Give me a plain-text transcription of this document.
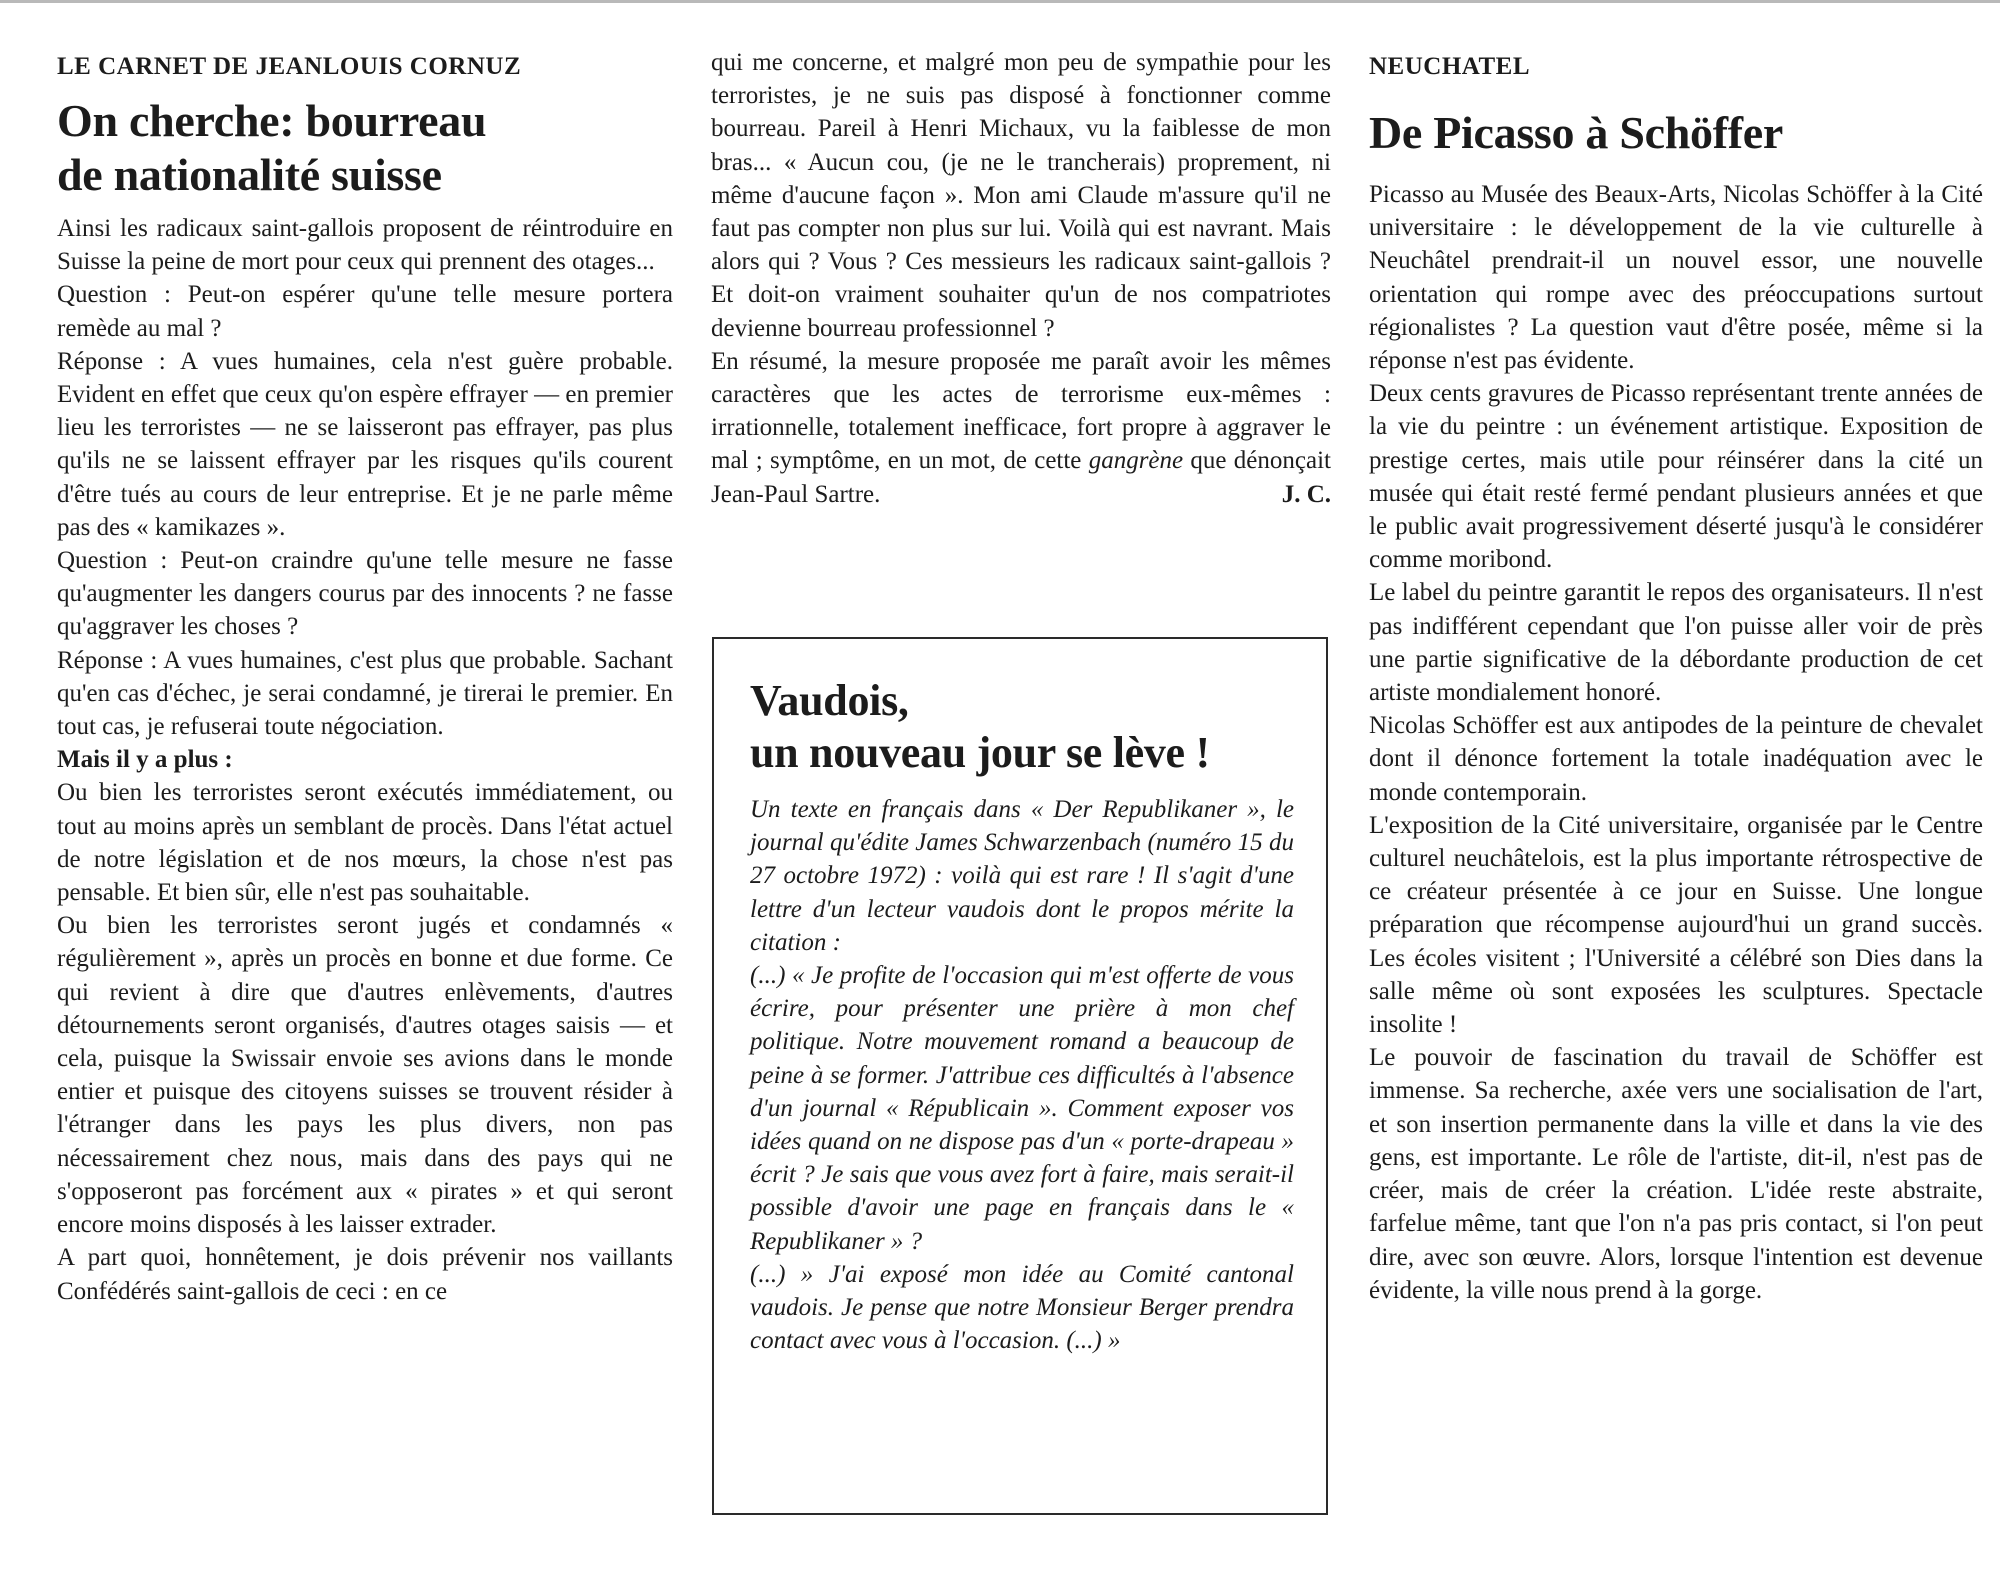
LE CARNET DE JEANLOUIS CORNUZ
On cherche: bourreau
de nationalité suisse

Ainsi les radicaux saint-gallois proposent de réintroduire en Suisse la peine de mort pour ceux qui prennent des otages...

Question : Peut-on espérer qu'une telle mesure portera remède au mal ?

Réponse : A vues humaines, cela n'est guère probable. Evident en effet que ceux qu'on espère effrayer — en premier lieu les terroristes — ne se laisseront pas effrayer, pas plus qu'ils ne se laissent effrayer par les risques qu'ils courent d'être tués au cours de leur entreprise. Et je ne parle même pas des « kamikazes ».

Question : Peut-on craindre qu'une telle mesure ne fasse qu'augmenter les dangers courus par des innocents ? ne fasse qu'aggraver les choses ?

Réponse : A vues humaines, c'est plus que probable. Sachant qu'en cas d'échec, je serai condamné, je tirerai le premier. En tout cas, je refuserai toute négociation.

Mais il y a plus :

Ou bien les terroristes seront exécutés immédiatement, ou tout au moins après un semblant de procès. Dans l'état actuel de notre législation et de nos mœurs, la chose n'est pas pensable. Et bien sûr, elle n'est pas souhaitable.

Ou bien les terroristes seront jugés et condamnés « régulièrement », après un procès en bonne et due forme. Ce qui revient à dire que d'autres enlèvements, d'autres détournements seront organisés, d'autres otages saisis — et cela, puisque la Swissair envoie ses avions dans le monde entier et puisque des citoyens suisses se trouvent résider à l'étranger dans les pays les plus divers, non pas nécessairement chez nous, mais dans des pays qui ne s'opposeront pas forcément aux « pirates » et qui seront encore moins disposés à les laisser extrader.

A part quoi, honnêtement, je dois prévenir nos vaillants Confédérés saint-gallois de ceci : en ce

qui me concerne, et malgré mon peu de sympathie pour les terroristes, je ne suis pas disposé à fonctionner comme bourreau. Pareil à Henri Michaux, vu la faiblesse de mon bras... « Aucun cou, (je ne le trancherais) proprement, ni même d'aucune façon ». Mon ami Claude m'assure qu'il ne faut pas compter non plus sur lui. Voilà qui est navrant. Mais alors qui ? Vous ? Ces messieurs les radicaux saint-gallois ? Et doit-on vraiment souhaiter qu'un de nos compatriotes devienne bourreau professionnel ?

En résumé, la mesure proposée me paraît avoir les mêmes caractères que les actes de terrorisme eux-mêmes : irrationnelle, totalement inefficace, fort propre à aggraver le mal ; symptôme, en un mot, de cette gangrène que dénonçait Jean-Paul Sartre.	J. C.

Vaudois,
un nouveau jour se lève !

Un texte en français dans « Der Republikaner », le journal qu'édite James Schwarzenbach (numéro 15 du 27 octobre 1972) : voilà qui est rare ! Il s'agit d'une lettre d'un lecteur vaudois dont le propos mérite la citation :

(...) « Je profite de l'occasion qui m'est offerte de vous écrire, pour présenter une prière à mon chef politique. Notre mouvement romand a beaucoup de peine à se former. J'attribue ces difficultés à l'absence d'un journal « Républicain ». Comment exposer vos idées quand on ne dispose pas d'un « porte-drapeau » écrit ? Je sais que vous avez fort à faire, mais serait-il possible d'avoir une page en français dans le « Republikaner » ?

(...) » J'ai exposé mon idée au Comité cantonal vaudois. Je pense que notre Monsieur Berger prendra contact avec vous à l'occasion. (...) »

NEUCHATEL
De Picasso à Schöffer

Picasso au Musée des Beaux-Arts, Nicolas Schöffer à la Cité universitaire : le développement de la vie culturelle à Neuchâtel prendrait-il un nouvel essor, une nouvelle orientation qui rompe avec des préoccupations surtout régionalistes ? La question vaut d'être posée, même si la réponse n'est pas évidente.

Deux cents gravures de Picasso représentant trente années de la vie du peintre : un événement artistique. Exposition de prestige certes, mais utile pour réinsérer dans la cité un musée qui était resté fermé pendant plusieurs années et que le public avait progressivement déserté jusqu'à le considérer comme moribond.

Le label du peintre garantit le repos des organisateurs. Il n'est pas indifférent cependant que l'on puisse aller voir de près une partie significative de la débordante production de cet artiste mondialement honoré.

Nicolas Schöffer est aux antipodes de la peinture de chevalet dont il dénonce fortement la totale inadéquation avec le monde contemporain.

L'exposition de la Cité universitaire, organisée par le Centre culturel neuchâtelois, est la plus importante rétrospective de ce créateur présentée à ce jour en Suisse. Une longue préparation que récompense aujourd'hui un grand succès. Les écoles visitent ; l'Université a célébré son Dies dans la salle même où sont exposées les sculptures. Spectacle insolite !

Le pouvoir de fascination du travail de Schöffer est immense. Sa recherche, axée vers une socialisation de l'art, et son insertion permanente dans la ville et dans la vie des gens, est importante. Le rôle de l'artiste, dit-il, n'est pas de créer, mais de créer la création. L'idée reste abstraite, farfelue même, tant que l'on n'a pas pris contact, si l'on peut dire, avec son œuvre. Alors, lorsque l'intention est devenue évidente, la ville nous prend à la gorge.
